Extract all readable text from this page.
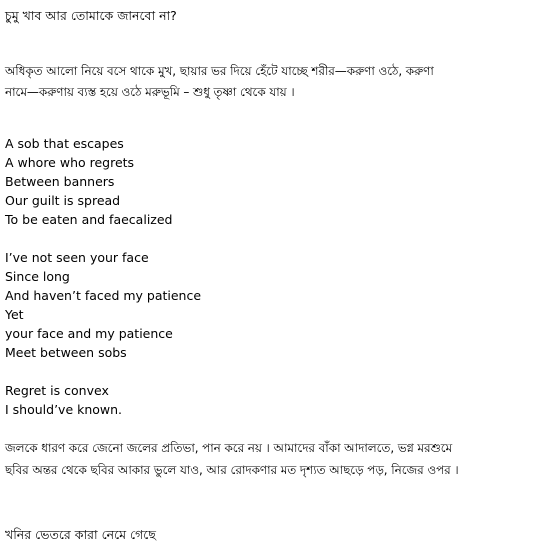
চুমু খাব আর তোমাকে জানবো না?
অধিকৃত আলো নিয়ে বসে থাকে মুখ, ছায়ার ভর দিয়ে হেঁটে যাচ্ছে শরীর—করুণা ওঠে, করুণা
নামে—করুণায় ব্যস্ত হয়ে ওঠে মরুভূমি – শুধু তৃষ্ণা থেকে যায় ।
A sob that escapes
A whore who regrets
Between banners
Our guilt is spread
To be eaten and faecalized
I’ve not seen your face
Since long
And haven’t faced my patience
Yet
your face and my patience
Meet between sobs
Regret is convex
I should’ve known.
জলকে ধারণ করে জেনো জলের প্রতিভা, পান করে নয় । আমাদের বাঁকা আদালতে, ভগ্ন মরশুমে
ছবির অন্তর থেকে ছবির আকার ভুলে যাও, আর রোদকণার মত দৃশ্যত আছড়ে পড়, নিজের ওপর ।
খনির ভেতরে কারা নেমে গেছে
